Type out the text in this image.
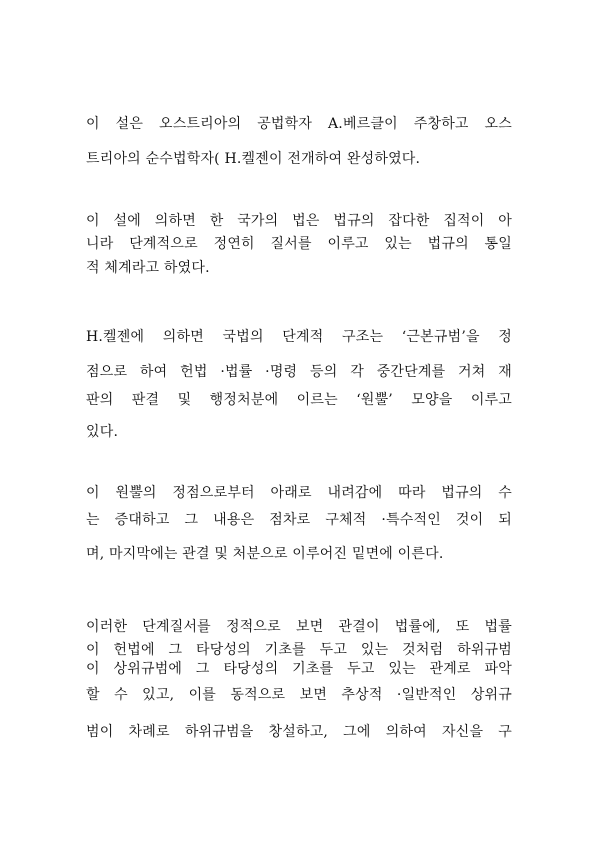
이 설은 오스트리아의 공법학자 A.베르클이 주창하고 오스
트리아의 순수법학자( H.켈젠이 전개하여 완성하였다.
이 설에 의하면 한 국가의 법은 법규의 잡다한 집적이 아
니라 단계적으로 정연히 질서를 이루고 있는 법규의 통일
적 체계라고 하였다.
H.켈젠에 의하면 국법의 단계적 구조는 ‘근본규범’을 정
점으로 하여 헌법 ·법률 ·명령 등의 각 중간단계를 거쳐 재
판의 판결 및 행정처분에 이르는 ‘원뿔’ 모양을 이루고
있다.
이 원뿔의 정점으로부터 아래로 내려감에 따라 법규의 수
는 증대하고 그 내용은 점차로 구체적 ·특수적인 것이 되
며, 마지막에는 관결 및 처분으로 이루어진 밑면에 이른다.
이러한 단계질서를 정적으로 보면 관결이 법률에, 또 법률
이 헌법에 그 타당성의 기초를 두고 있는 것처럼 하위규범
이 상위규범에 그 타당성의 기초를 두고 있는 관계로 파악
할 수 있고, 이를 동적으로 보면 추상적 ·일반적인 상위규
범이 차례로 하위규범을 창설하고, 그에 의하여 자신을 구
